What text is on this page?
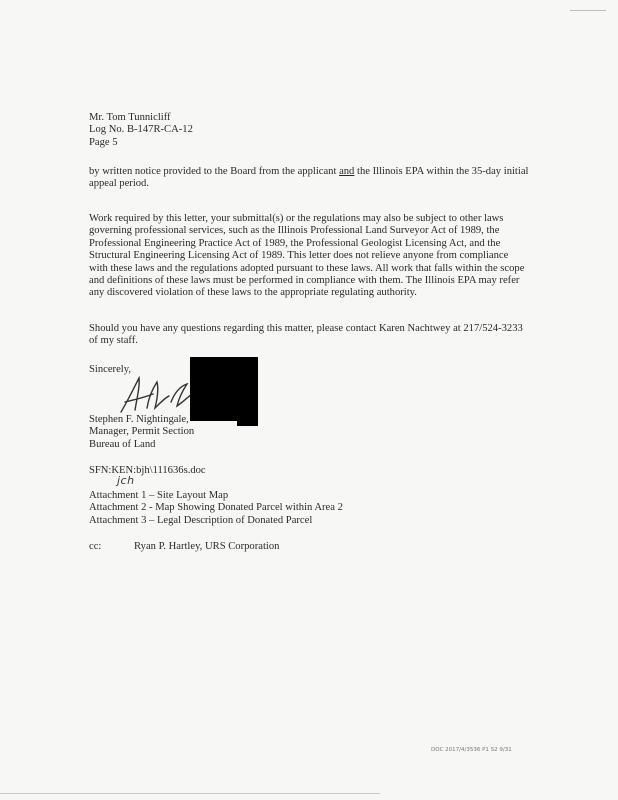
Mr. Tom Tunnicliff
Log No. B-147R-CA-12
Page 5
by written notice provided to the Board from the applicant and the Illinois EPA within the 35-day initial appeal period.
Work required by this letter, your submittal(s) or the regulations may also be subject to other laws governing professional services, such as the Illinois Professional Land Surveyor Act of 1989, the Professional Engineering Practice Act of 1989, the Professional Geologist Licensing Act, and the Structural Engineering Licensing Act of 1989. This letter does not relieve anyone from compliance with these laws and the regulations adopted pursuant to these laws. All work that falls within the scope and definitions of these laws must be performed in compliance with them. The Illinois EPA may refer any discovered violation of these laws to the appropriate regulating authority.
Should you have any questions regarding this matter, please contact Karen Nachtwey at 217/524-3233 of my staff.
Sincerely,
Stephen F. Nightingale,
Manager, Permit Section
Bureau of Land
SFN:KEN:bjh\111636s.doc
jch
Attachment 1 – Site Layout Map
Attachment 2 - Map Showing Donated Parcel within Area 2
Attachment 3 – Legal Description of Donated Parcel
cc:	Ryan P. Hartley, URS Corporation
DOC 2017/4/3536 P1 S2 9/31
